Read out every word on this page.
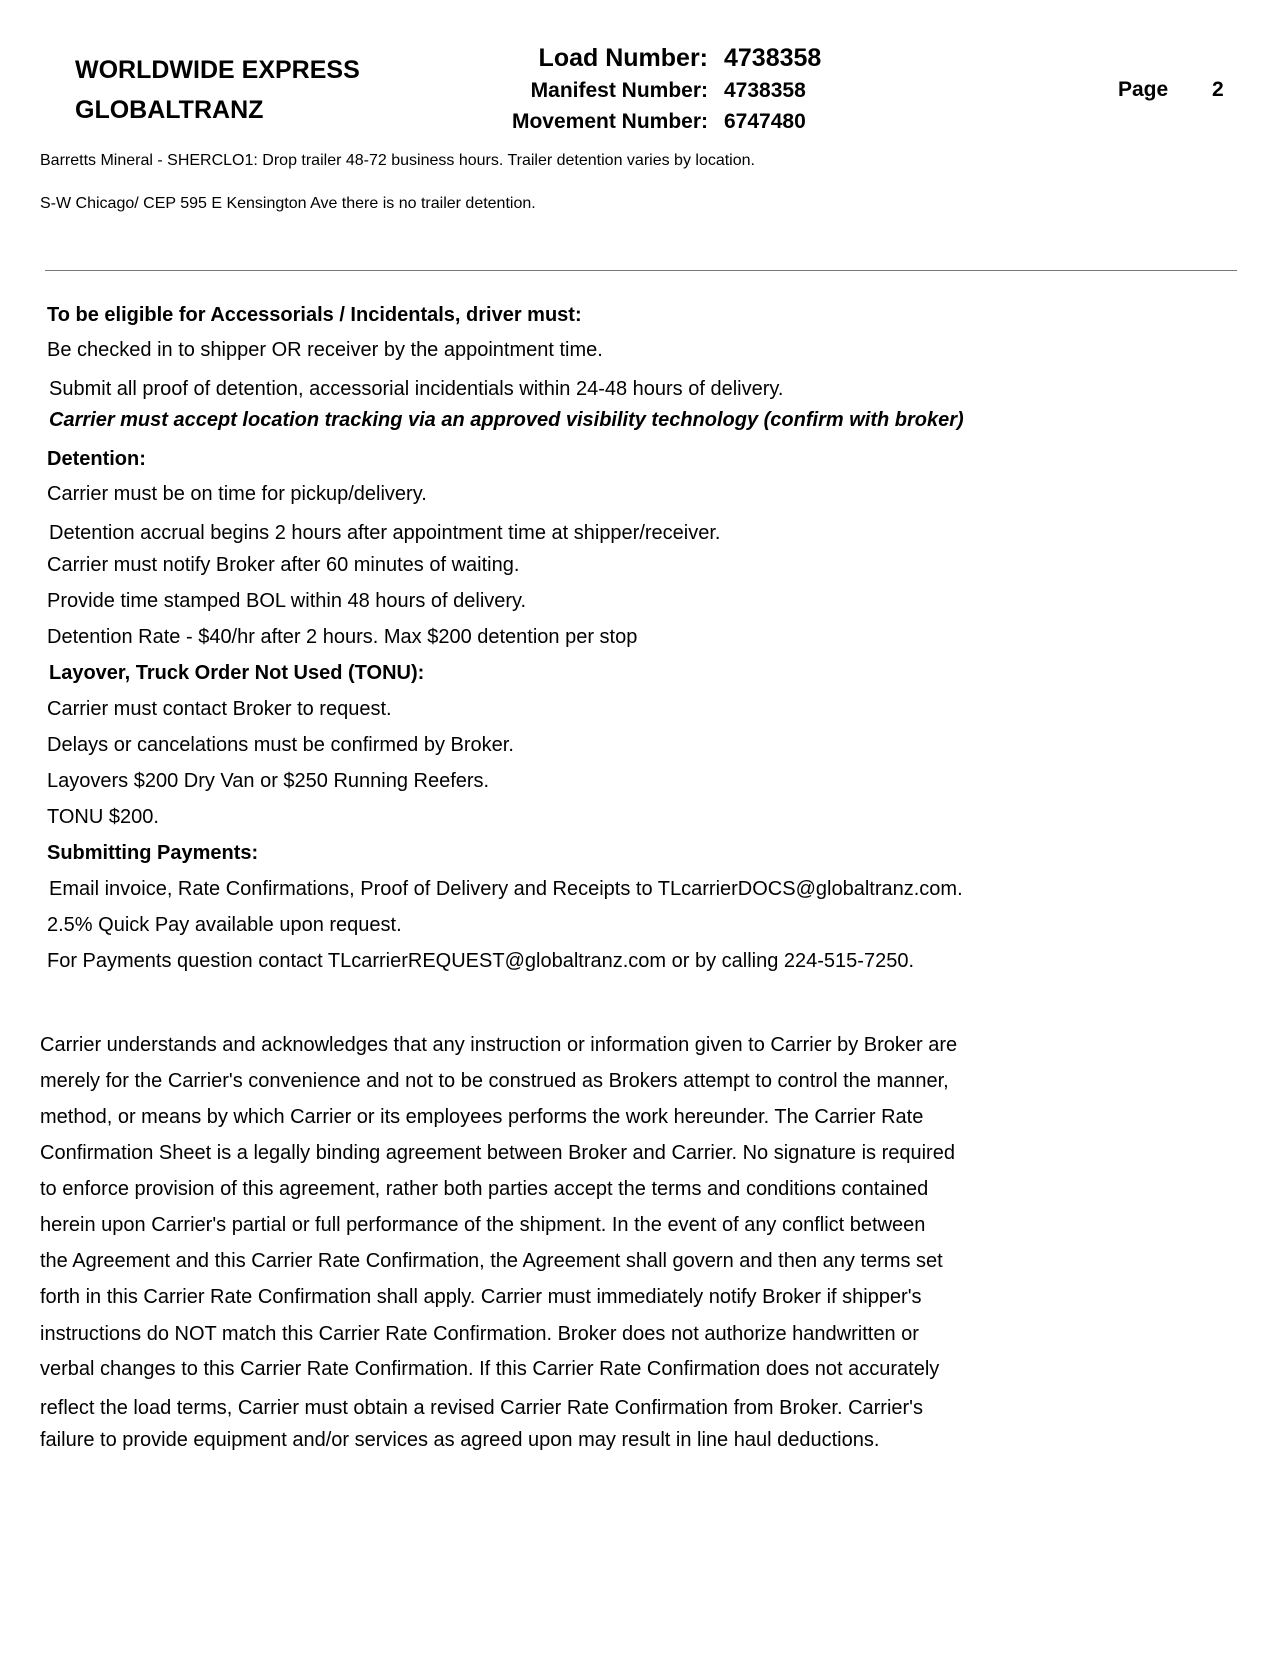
WORLDWIDE EXPRESS
GLOBALTRANZ
Load Number: 4738358
Manifest Number: 4738358
Movement Number: 6747480
Page 2
Barretts Mineral - SHERCLO1: Drop trailer 48-72 business hours. Trailer detention varies by location.
S-W Chicago/ CEP 595 E Kensington Ave there is no trailer detention.
To be eligible for Accessorials / Incidentals, driver must:
Be checked in to shipper OR receiver by the appointment time.
Submit all proof of detention, accessorial incidentials within 24-48 hours of delivery.
Carrier must accept location tracking via an approved visibility technology (confirm with broker)
Detention:
Carrier must be on time for pickup/delivery.
Detention accrual begins 2 hours after appointment time at shipper/receiver.
Carrier must notify Broker after 60 minutes of waiting.
Provide time stamped BOL within 48 hours of delivery.
Detention Rate - $40/hr after 2 hours. Max $200 detention per stop
Layover, Truck Order Not Used (TONU):
Carrier must contact Broker to request.
Delays or cancelations must be confirmed by Broker.
Layovers $200 Dry Van or $250 Running Reefers.
TONU $200.
Submitting Payments:
Email invoice, Rate Confirmations, Proof of Delivery and Receipts to TLcarrierDOCS@globaltranz.com.
2.5% Quick Pay available upon request.
For Payments question contact TLcarrierREQUEST@globaltranz.com or by calling 224-515-7250.
Carrier understands and acknowledges that any instruction or information given to Carrier by Broker are
merely for the Carrier's convenience and not to be construed as Brokers attempt to control the manner,
method, or means by which Carrier or its employees performs the work hereunder. The Carrier Rate
Confirmation Sheet is a legally binding agreement between Broker and Carrier. No signature is required
to enforce provision of this agreement, rather both parties accept the terms and conditions contained
herein upon Carrier's partial or full performance of the shipment. In the event of any conflict between
the Agreement and this Carrier Rate Confirmation, the Agreement shall govern and then any terms set
forth in this Carrier Rate Confirmation shall apply. Carrier must immediately notify Broker if shipper's
instructions do NOT match this Carrier Rate Confirmation. Broker does not authorize handwritten or
verbal changes to this Carrier Rate Confirmation. If this Carrier Rate Confirmation does not accurately
reflect the load terms, Carrier must obtain a revised Carrier Rate Confirmation from Broker. Carrier's
failure to provide equipment and/or services as agreed upon may result in line haul deductions.
